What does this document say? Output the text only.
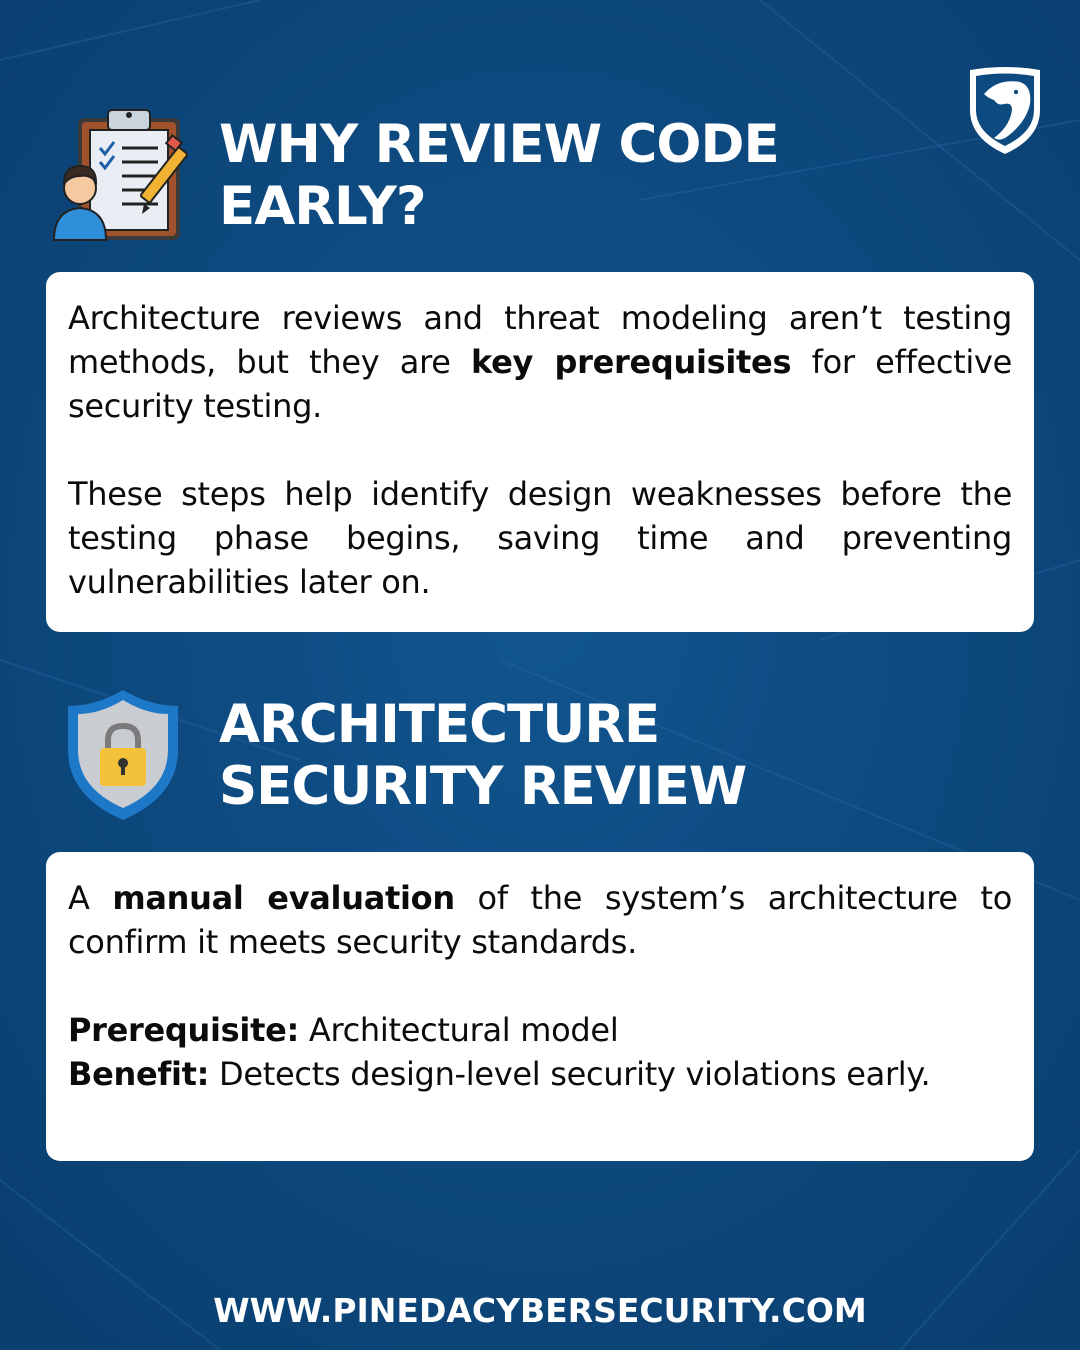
WHY REVIEW CODE
EARLY?

Architecture reviews and threat modeling aren’t testing methods, but they are key prerequisites for effective security testing.

These steps help identify design weaknesses before the testing phase begins, saving time and preventing vulnerabilities later on.

ARCHITECTURE
SECURITY REVIEW

A manual evaluation of the system’s architecture to confirm it meets security standards.

Prerequisite: Architectural model

Benefit: Detects design-level security violations early.

WWW.PINEDACYBERSECURITY.COM
